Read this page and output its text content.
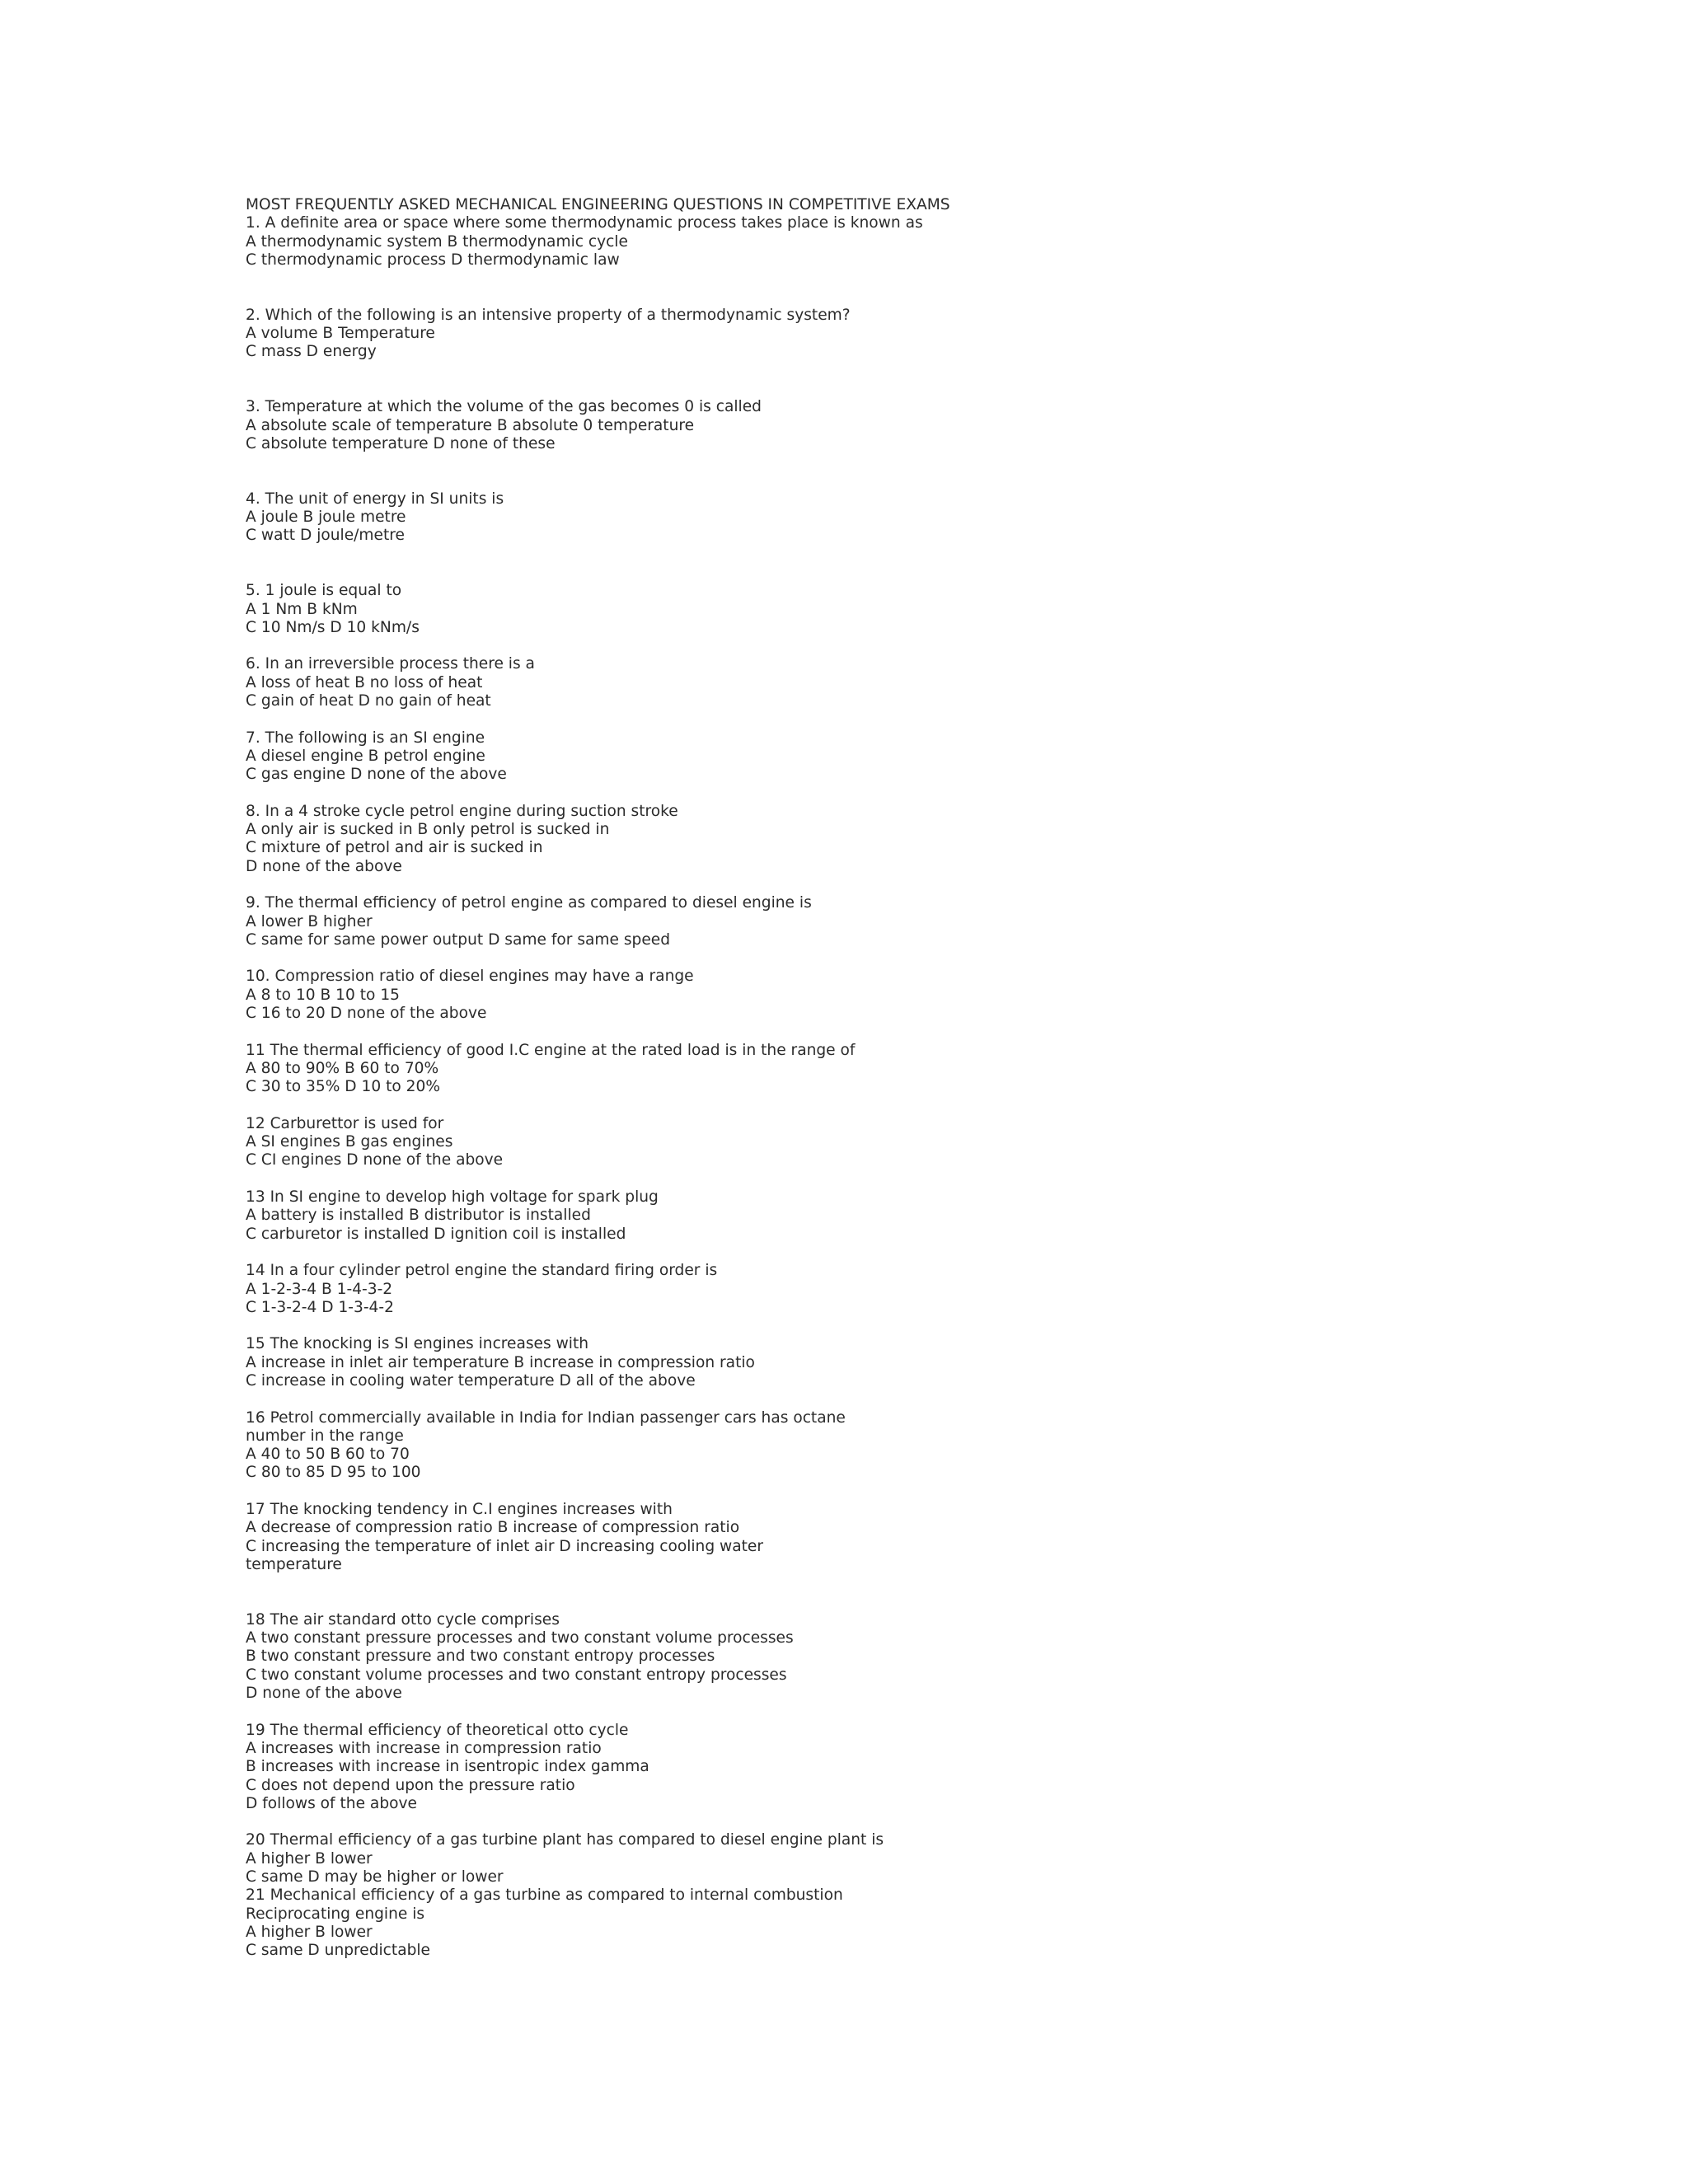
MOST FREQUENTLY ASKED MECHANICAL ENGINEERING QUESTIONS IN COMPETITIVE EXAMS
1. A definite area or space where some thermodynamic process takes place is known as
A thermodynamic system B thermodynamic cycle
C thermodynamic process D thermodynamic law
2. Which of the following is an intensive property of a thermodynamic system?
A volume B Temperature
C mass D energy
3. Temperature at which the volume of the gas becomes 0 is called
A absolute scale of temperature B absolute 0 temperature
C absolute temperature D none of these
4. The unit of energy in SI units is
A joule B joule metre
C watt D joule/metre
5. 1 joule is equal to
A 1 Nm B kNm
C 10 Nm/s D 10 kNm/s
6. In an irreversible process there is a
A loss of heat B no loss of heat
C gain of heat D no gain of heat
7. The following is an SI engine
A diesel engine B petrol engine
C gas engine D none of the above
8. In a 4 stroke cycle petrol engine during suction stroke
A only air is sucked in B only petrol is sucked in
C mixture of petrol and air is sucked in
D none of the above
9. The thermal efficiency of petrol engine as compared to diesel engine is
A lower B higher
C same for same power output D same for same speed
10. Compression ratio of diesel engines may have a range
A 8 to 10 B 10 to 15
C 16 to 20 D none of the above
11 The thermal efficiency of good I.C engine at the rated load is in the range of
A 80 to 90% B 60 to 70%
C 30 to 35% D 10 to 20%
12 Carburettor is used for
A SI engines B gas engines
C CI engines D none of the above
13 In SI engine to develop high voltage for spark plug
A battery is installed B distributor is installed
C carburetor is installed D ignition coil is installed
14 In a four cylinder petrol engine the standard firing order is
A 1-2-3-4 B 1-4-3-2
C 1-3-2-4 D 1-3-4-2
15 The knocking is SI engines increases with
A increase in inlet air temperature B increase in compression ratio
C increase in cooling water temperature D all of the above
16 Petrol commercially available in India for Indian passenger cars has octane
number in the range
A 40 to 50 B 60 to 70
C 80 to 85 D 95 to 100
17 The knocking tendency in C.I engines increases with
A decrease of compression ratio B increase of compression ratio
C increasing the temperature of inlet air D increasing cooling water
temperature
18 The air standard otto cycle comprises
A two constant pressure processes and two constant volume processes
B two constant pressure and two constant entropy processes
C two constant volume processes and two constant entropy processes
D none of the above
19 The thermal efficiency of theoretical otto cycle
A increases with increase in compression ratio
B increases with increase in isentropic index gamma
C does not depend upon the pressure ratio
D follows of the above
20 Thermal efficiency of a gas turbine plant has compared to diesel engine plant is
A higher B lower
C same D may be higher or lower
21 Mechanical efficiency of a gas turbine as compared to internal combustion
Reciprocating engine is
A higher B lower
C same D unpredictable
